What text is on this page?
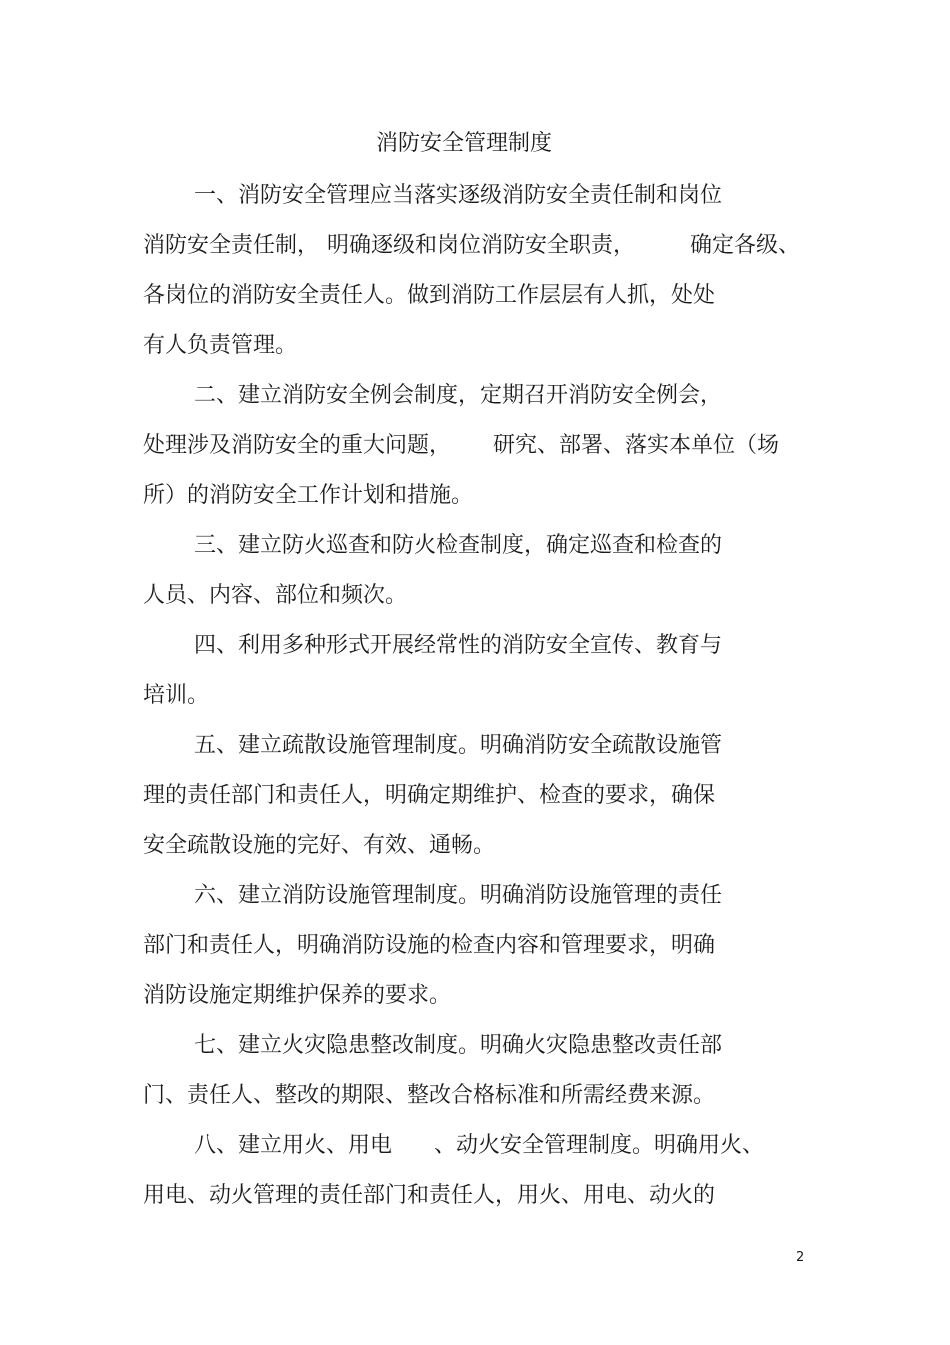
消防安全管理制度
一、消防安全管理应当落实逐级消防安全责任制和岗位
消防安全责任制， 明确逐级和岗位消防安全职责， 确定各级、
各岗位的消防安全责任人。做到消防工作层层有人抓，处处
有人负责管理。
二、建立消防安全例会制度，定期召开消防安全例会，
处理涉及消防安全的重大问题， 研究、部署、落实本单位（场
所）的消防安全工作计划和措施。
三、建立防火巡查和防火检查制度，确定巡查和检查的
人员、内容、部位和频次。
四、利用多种形式开展经常性的消防安全宣传、教育与
培训。
五、建立疏散设施管理制度。明确消防安全疏散设施管
理的责任部门和责任人，明确定期维护、检查的要求，确保
安全疏散设施的完好、有效、通畅。
六、建立消防设施管理制度。明确消防设施管理的责任
部门和责任人，明确消防设施的检查内容和管理要求，明确
消防设施定期维护保养的要求。
七、建立火灾隐患整改制度。明确火灾隐患整改责任部
门、责任人、整改的期限、整改合格标准和所需经费来源。
八、建立用火、用电 、动火安全管理制度。明确用火、
用电、动火管理的责任部门和责任人，用火、用电、动火的
2
